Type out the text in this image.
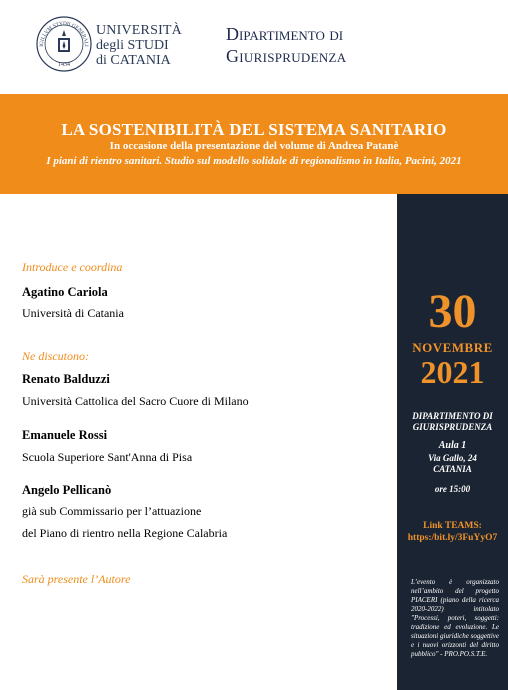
IGILLVM STVDII GENERALI
1434
UNIVERSITÀ
degli STUDI
di CATANIA
Dipartimento di
Giurisprudenza
LA SOSTENIBILITÀ DEL SISTEMA SANITARIO
In occasione della presentazione del volume di Andrea Patanè
I piani di rientro sanitari. Studio sul modello solidale di regionalismo in Italia, Pacini, 2021
Introduce e coordina
Agatino Cariola
Università di Catania
Ne discutono:
Renato Balduzzi
Università Cattolica del Sacro Cuore di Milano
Emanuele Rossi
Scuola Superiore Sant'Anna di Pisa
Angelo Pellicanò
già sub Commissario per l’attuazione
del Piano di rientro nella Regione Calabria
Sarà presente l’Autore
30
NOVEMBRE
2021
DIPARTIMENTO DI
GIURISPRUDENZA
Aula 1
Via Gallo, 24
CATANIA
ore 15:00
Link TEAMS:
https:/bit.ly/3FuYyO7
L’evento è organizzato nell’ambito del progetto PIACERI (piano della ricerca 2020-2022) intitolato "Processi, poteri, soggetti: tradizione ed evoluzione. Le situazioni giuridiche soggettive e i nuovi orizzonti del diritto pubblico" - PRO.PO.S.T.E.
